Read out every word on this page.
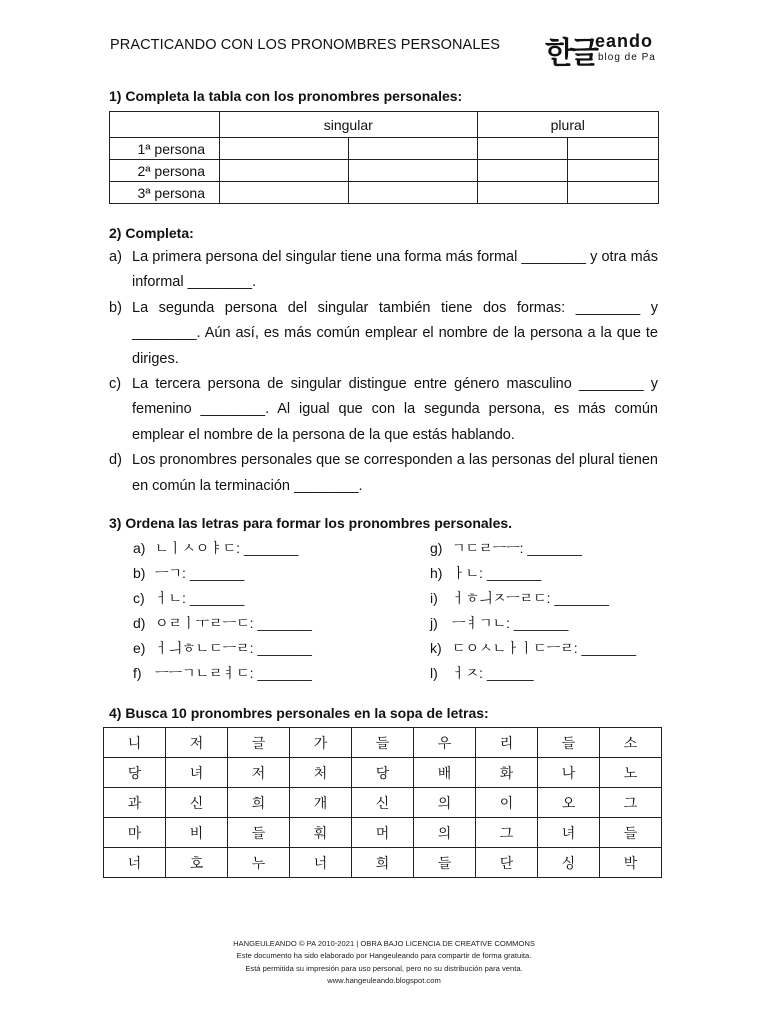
PRACTICANDO CON LOS PRONOMBRES PERSONALES 한글 eando
blog de Pa
1) Completa la tabla con los pronombres personales:
	singular		plural	
1ª persona				
2ª persona				
3ª persona				
2) Completa:
a) La primera persona del singular tiene una forma más formal ________ y otra más informal ________.
b) La segunda persona del singular también tiene dos formas: ________ y ________. Aún así, es más común emplear el nombre de la persona a la que te diriges.
c) La tercera persona de singular distingue entre género masculino ________ y femenino ________. Al igual que con la segunda persona, es más común emplear el nombre de la persona de la que estás hablando.
d) Los pronombres personales que se corresponden a las personas del plural tienen en común la terminación ________.
3) Ordena las letras para formar los pronombres personales.
a) ㄴㅣㅅㅇㅑㄷ: _______
b) ㅡㄱ: _______
c) ㅓㄴ: _______
d) ㅇㄹㅣㅜㄹㅡㄷ: _______
e) ㅓㅢㅎㄴㄷㅡㄹ: _______
f) ㅡㅡㄱㄴㄹㅕㄷ: _______
g) ㄱㄷㄹㅡㅡ: _______
h) ㅏㄴ: _______
i) ㅓㅎㅢㅈㅡㄹㄷ: _______
j) ㅡㅕㄱㄴ: _______
k) ㄷㅇㅅㄴㅏㅣㄷㅡㄹ: _______
l) ㅓㅈ: ______
4) Busca 10 pronombres personales en la sopa de letras:
니	저	글	가	들	우	리	들	소
당	녀	저	처	당	배	화	나	노
과	신	희	개	신	의	이	오	그
마	비	들	훠	머	의	그	녀	들
너	호	누	너	희	들	단	싱	박
HANGEULEANDO © PA 2010-2021 | OBRA BAJO LICENCIA DE CREATIVE COMMONS
Este documento ha sido elaborado por Hangeuleando para compartir de forma gratuita.
Está permitida su impresión para uso personal, pero no su distribución para venta.
www.hangeuleando.blogspot.com
